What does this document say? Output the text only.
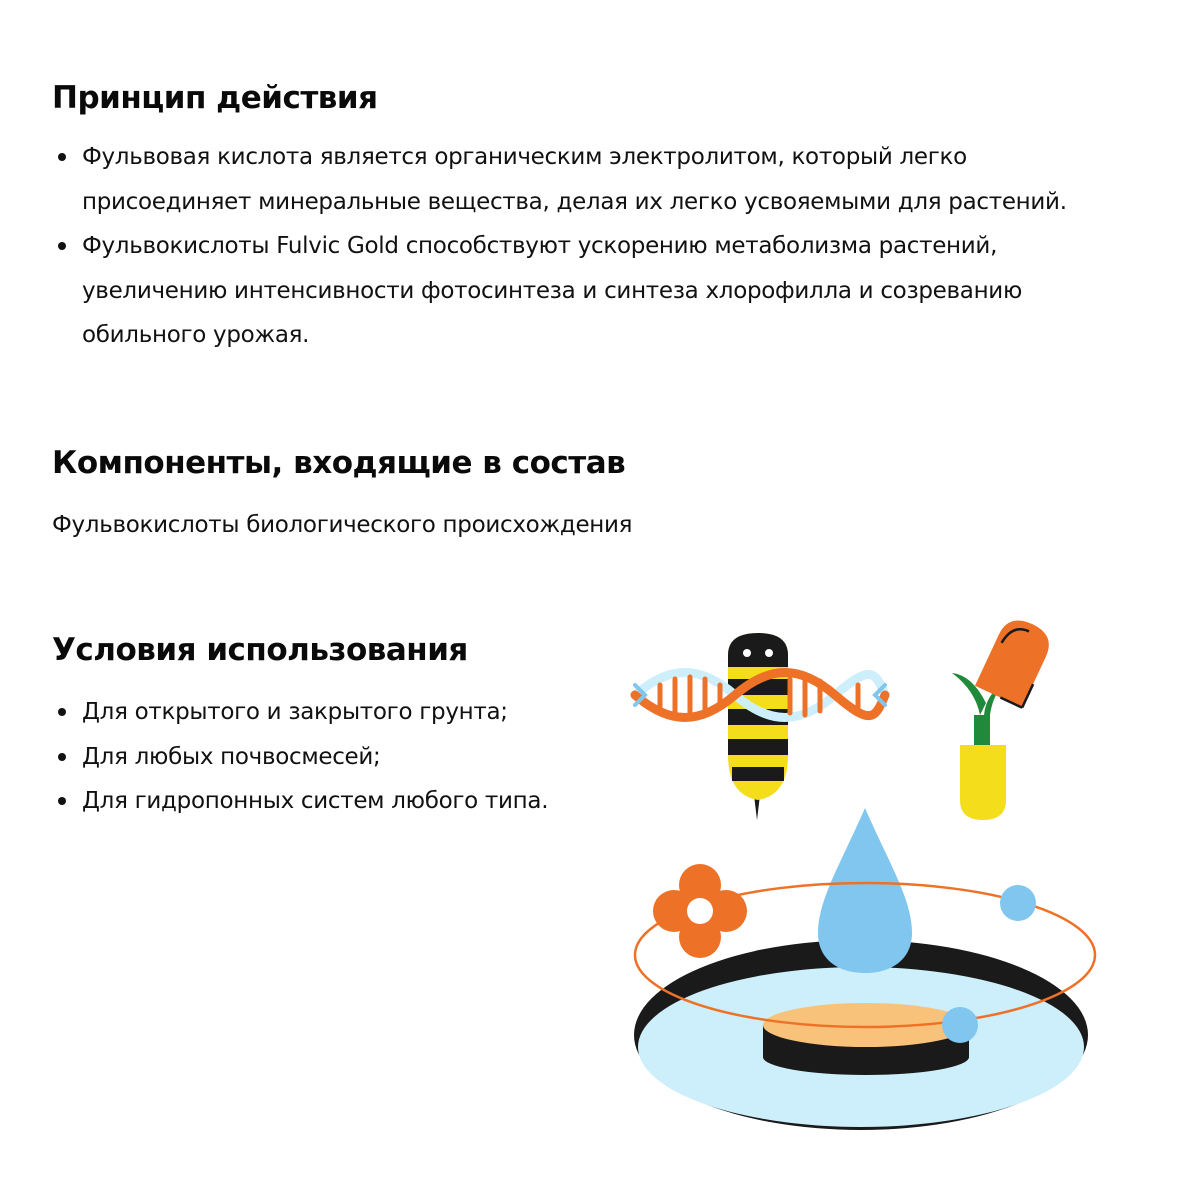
Принцип действия
Фульвовая кислота является органическим электролитом, который легко
присоединяет минеральные вещества, делая их легко усвояемыми для растений.
Фульвокислоты Fulvic Gold способствуют ускорению метаболизма растений,
увеличению интенсивности фотосинтеза и синтеза хлорофилла и созреванию
обильного урожая.
Компоненты, входящие в состав

Фульвокислоты биологического происхождения

Условия использования
Для открытого и закрытого грунта;
Для любых почвосмесей;
Для гидропонных систем любого типа.
